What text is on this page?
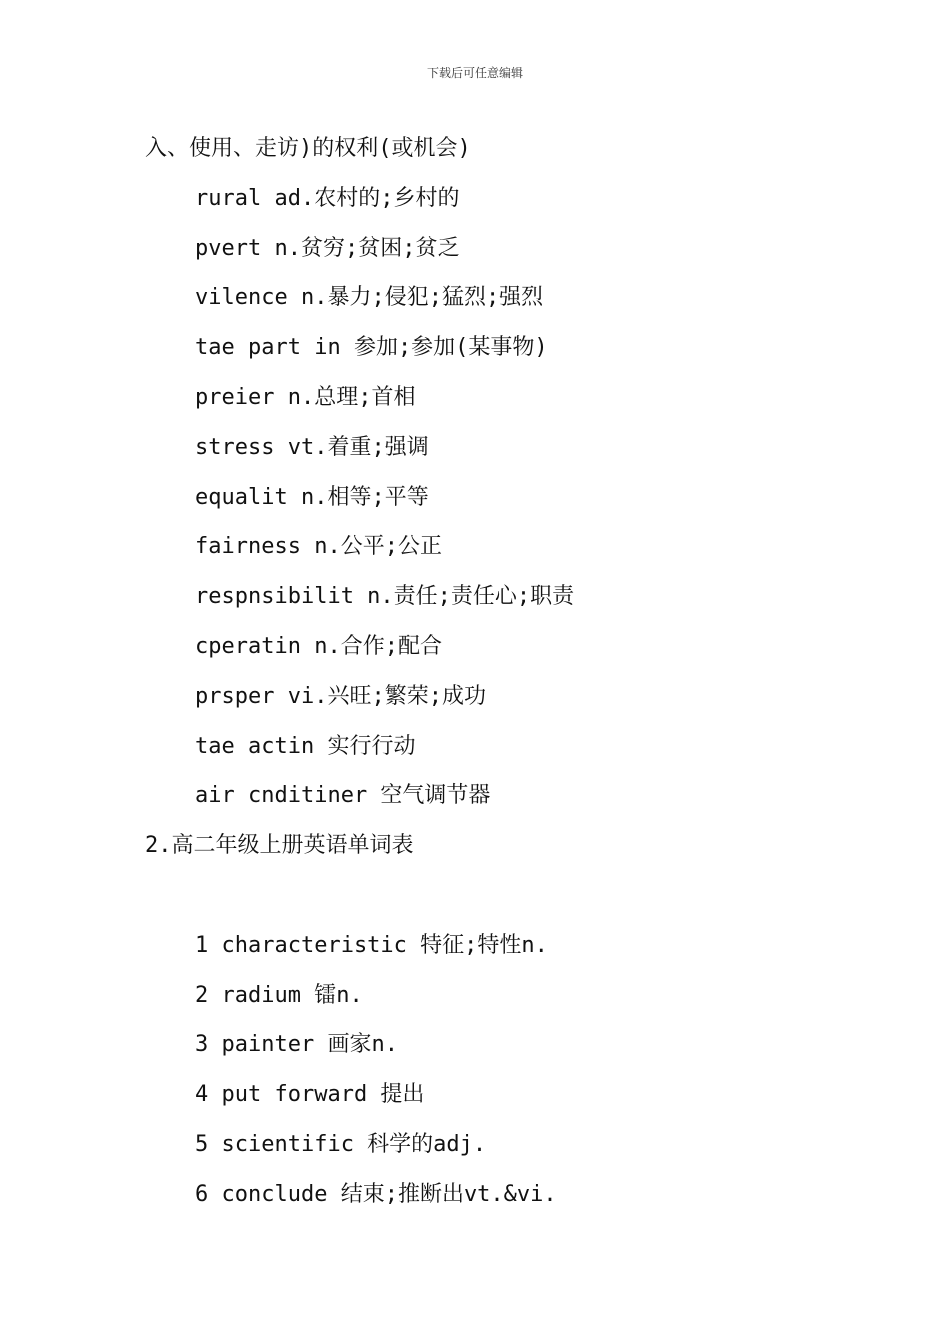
下载后可任意编辑
入、使用、走访)的权利(或机会)
rural ad.农村的;乡村的
pvert n.贫穷;贫困;贫乏
vilence n.暴力;侵犯;猛烈;强烈
tae part in 参加;参加(某事物)
preier n.总理;首相
stress vt.着重;强调
equalit n.相等;平等
fairness n.公平;公正
respnsibilit n.责任;责任心;职责
cperatin n.合作;配合
prsper vi.兴旺;繁荣;成功
tae actin 实行行动
air cnditiner 空气调节器
2.高二年级上册英语单词表
1 characteristic 特征;特性n.
2 radium 镭n.
3 painter 画家n.
4 put forward 提出
5 scientific 科学的adj.
6 conclude 结束;推断出vt.&vi.
